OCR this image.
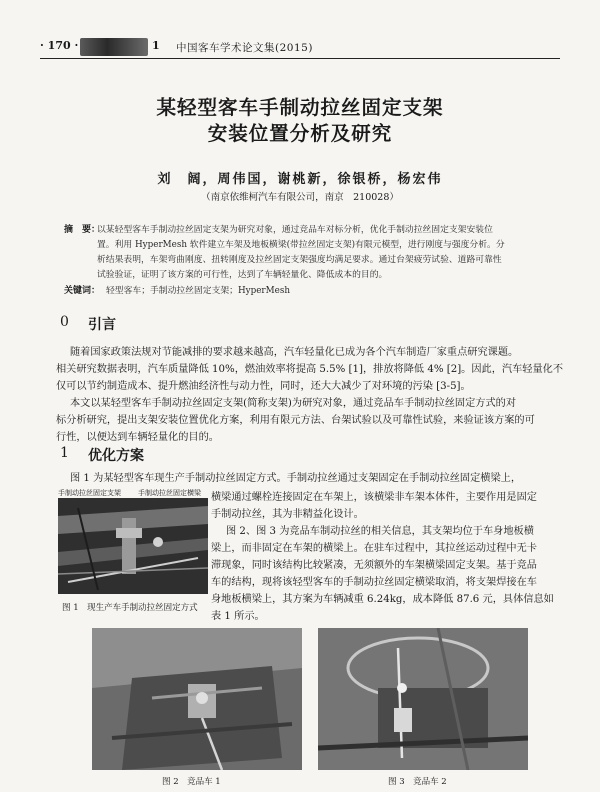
· 170 ·	1 中国客车学术论文集(2015)
某轻型客车手制动拉丝固定支架
安装位置分析及研究
刘　阔，周伟国，谢桃新，徐银桥，杨宏伟
（南京依维柯汽车有限公司，南京　210028）
摘　要：
以某轻型客车手制动拉丝固定支架为研究对象，通过竞品车对标分析，优化手制动拉丝固定支架安装位
置。利用 HyperMesh 软件建立车架及地板横梁(带拉丝固定支架)有限元模型，进行刚度与强度分析。分
析结果表明，车架弯曲刚度、扭转刚度及拉丝固定支架强度均满足要求。通过台架疲劳试验、道路可靠性
试验验证，证明了该方案的可行性，达到了车辆轻量化、降低成本的目的。
关键词： 轻型客车；手制动拉丝固定支架；HyperMesh
0 引言
随着国家政策法规对节能减排的要求越来越高，汽车轻量化已成为各个汽车制造厂家重点研究课题。
相关研究数据表明，汽车质量降低 10%，燃油效率将提高 5.5% [1]，排放将降低 4% [2]。因此，汽车轻量化不
仅可以节约制造成本、提升燃油经济性与动力性，同时，还大大减少了对环境的污染 [3-5]。
本文以某轻型客车手制动拉丝固定支架(简称支架)为研究对象，通过竞品车手制动拉丝固定方式的对
标分析研究，提出支架安装位置优化方案，利用有限元方法、台架试验以及可靠性试验，来验证该方案的可
行性，以便达到车辆轻量化的目的。
1 优化方案
图 1 为某轻型客车现生产手制动拉丝固定方式。手制动拉丝通过支架固定在手制动拉丝固定横梁上，
横梁通过螺栓连接固定在车架上，该横梁非车架本体件，主要作用是固定
手制动拉丝，其为非精益化设计。
图 2、图 3 为竞品车制动拉丝的相关信息，其支架均位于车身地板横
梁上，而非固定在车架的横梁上。在驻车过程中，其拉丝运动过程中无卡
滞现象，同时该结构比较紧凑，无须额外的车架横梁固定支架。基于竞品
车的结构，现将该轻型客车的手制动拉丝固定横梁取消，将支架焊接在车
身地板横梁上，其方案为车辆减重 6.24kg，成本降低 87.6 元，具体信息如
表 1 所示。
手制动拉丝固定支架 手制动拉丝固定横梁
图 1　现生产车手制动拉丝固定方式
图 2　竞品车 1	图 3　竞品车 2
